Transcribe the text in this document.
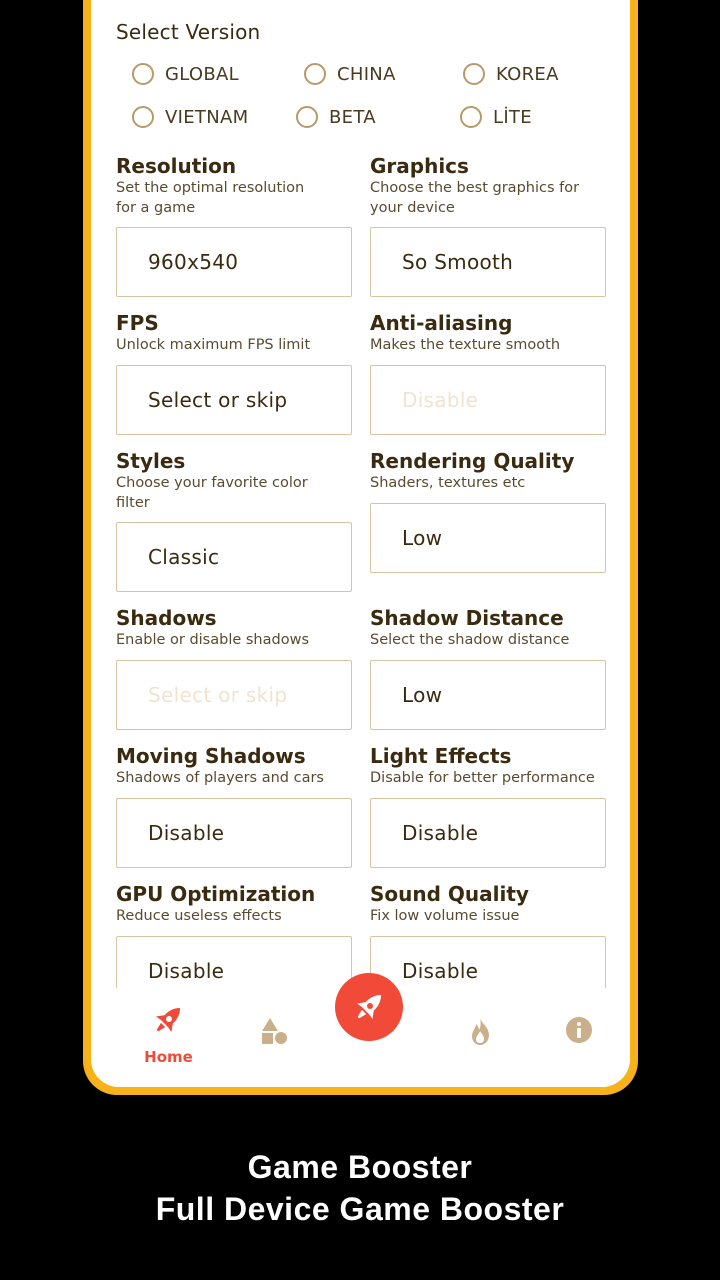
Select Version
GLOBAL	CHINA	KOREA
VIETNAM	BETA	LİTE
Resolution
Set the optimal resolution
for a game
960x540
Graphics
Choose the best graphics for
your device
So Smooth
FPS
Unlock maximum FPS limit
Select or skip
Anti-aliasing
Makes the texture smooth
Disable
Styles
Choose your favorite color
filter
Classic
Rendering Quality
Shaders, textures etc
Low
Shadows
Enable or disable shadows
Select or skip
Shadow Distance
Select the shadow distance
Low
Moving Shadows
Shadows of players and cars
Disable
Light Effects
Disable for better performance
Disable
GPU Optimization
Reduce useless effects
Disable
Sound Quality
Fix low volume issue
Disable
Home
Game Booster
Full Device Game Booster
